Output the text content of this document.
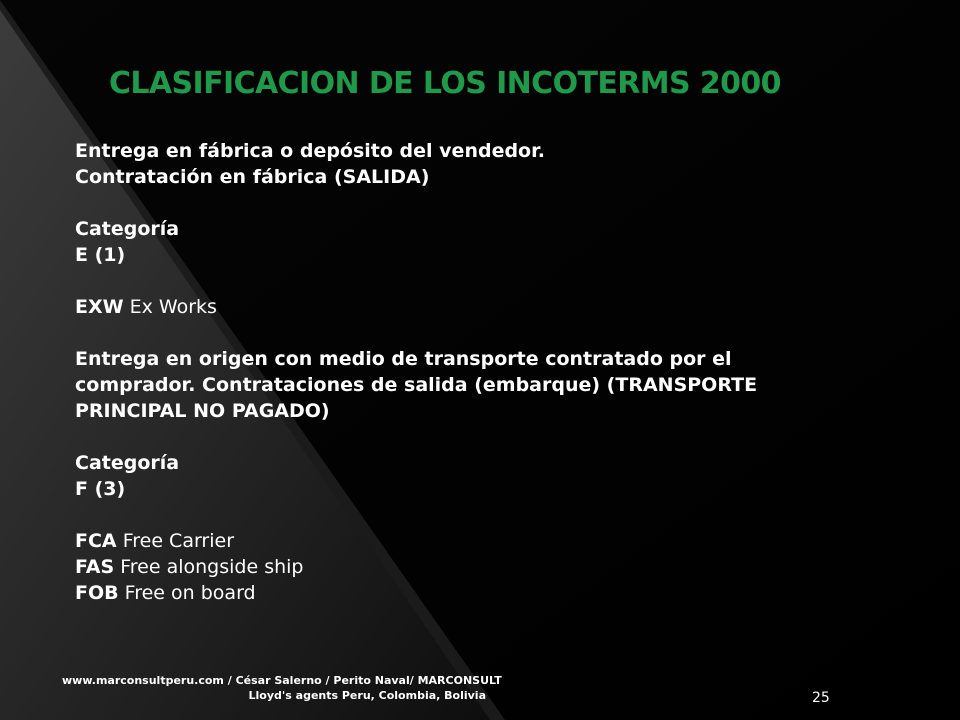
CLASIFICACION DE LOS INCOTERMS 2000

Entrega en fábrica o depósito del vendedor.

Contratación en fábrica (SALIDA)

Categoría

E (1)

EXW Ex Works

Entrega en origen con medio de transporte contratado por el

comprador. Contrataciones de salida (embarque) (TRANSPORTE

PRINCIPAL NO PAGADO)

Categoría

F (3)

FCA Free Carrier

FAS Free alongside ship

FOB Free on board

www.marconsultperu.com / César Salerno / Perito Naval/ MARCONSULT
Lloyd's agents Peru, Colombia, Bolivia	25
